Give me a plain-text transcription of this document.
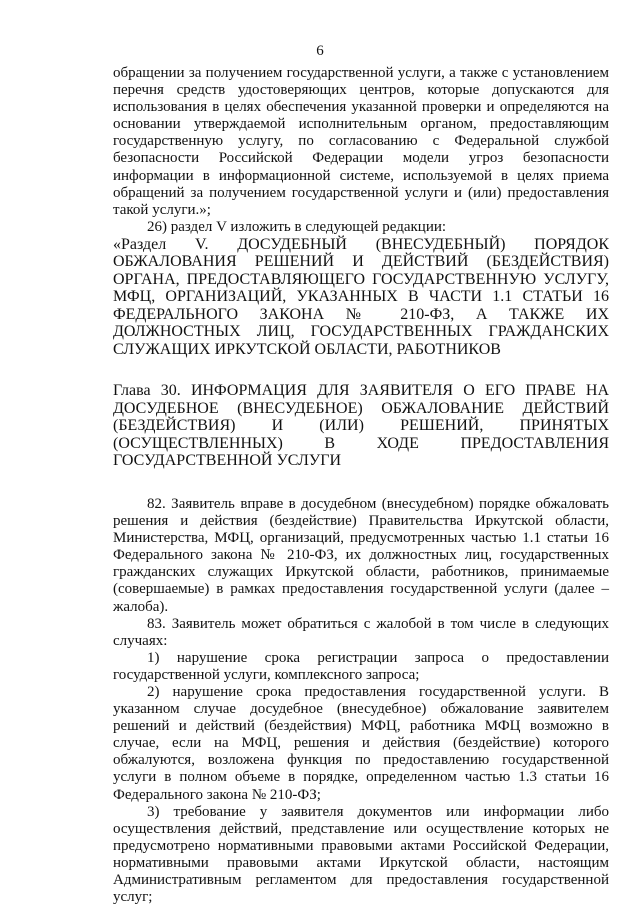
6

обращении за получением государственной услуги, а также с установлением перечня средств удостоверяющих центров, которые допускаются для использования в целях обеспечения указанной проверки и определяются на основании утверждаемой исполнительным органом, предоставляющим государственную услугу, по согласованию с Федеральной службой безопасности Российской Федерации модели угроз безопасности информации в информационной системе, используемой в целях приема обращений за получением государственной услуги и (или) предоставления такой услуги.»;

26) раздел V изложить в следующей редакции:

«Раздел V. ДОСУДЕБНЫЙ (ВНЕСУДЕБНЫЙ) ПОРЯДОК ОБЖАЛОВАНИЯ РЕШЕНИЙ И ДЕЙСТВИЙ (БЕЗДЕЙСТВИЯ) ОРГАНА, ПРЕДОСТАВЛЯЮЩЕГО ГОСУДАРСТВЕННУЮ УСЛУГУ, МФЦ, ОРГАНИЗАЦИЙ, УКАЗАННЫХ В ЧАСТИ 1.1 СТАТЬИ 16 ФЕДЕРАЛЬНОГО ЗАКОНА № 210-ФЗ, А ТАКЖЕ ИХ ДОЛЖНОСТНЫХ ЛИЦ, ГОСУДАРСТВЕННЫХ ГРАЖДАНСКИХ СЛУЖАЩИХ ИРКУТСКОЙ ОБЛАСТИ, РАБОТНИКОВ

Глава 30. ИНФОРМАЦИЯ ДЛЯ ЗАЯВИТЕЛЯ О ЕГО ПРАВЕ НА ДОСУДЕБНОЕ (ВНЕСУДЕБНОЕ) ОБЖАЛОВАНИЕ ДЕЙСТВИЙ (БЕЗДЕЙСТВИЯ) И (ИЛИ) РЕШЕНИЙ, ПРИНЯТЫХ (ОСУЩЕСТВЛЕННЫХ) В ХОДЕ ПРЕДОСТАВЛЕНИЯ ГОСУДАРСТВЕННОЙ УСЛУГИ

82. Заявитель вправе в досудебном (внесудебном) порядке обжаловать решения и действия (бездействие) Правительства Иркутской области, Министерства, МФЦ, организаций, предусмотренных частью 1.1 статьи 16 Федерального закона № 210-ФЗ, их должностных лиц, государственных гражданских служащих Иркутской области, работников, принимаемые (совершаемые) в рамках предоставления государственной услуги (далее – жалоба).

83. Заявитель может обратиться с жалобой в том числе в следующих случаях:

1) нарушение срока регистрации запроса о предоставлении государственной услуги, комплексного запроса;

2) нарушение срока предоставления государственной услуги. В указанном случае досудебное (внесудебное) обжалование заявителем решений и действий (бездействия) МФЦ, работника МФЦ возможно в случае, если на МФЦ, решения и действия (бездействие) которого обжалуются, возложена функция по предоставлению государственной услуги в полном объеме в порядке, определенном частью 1.3 статьи 16 Федерального закона № 210-ФЗ;

3) требование у заявителя документов или информации либо осуществления действий, представление или осуществление которых не предусмотрено нормативными правовыми актами Российской Федерации, нормативными правовыми актами Иркутской области, настоящим Административным регламентом для предоставления государственной услуг;
